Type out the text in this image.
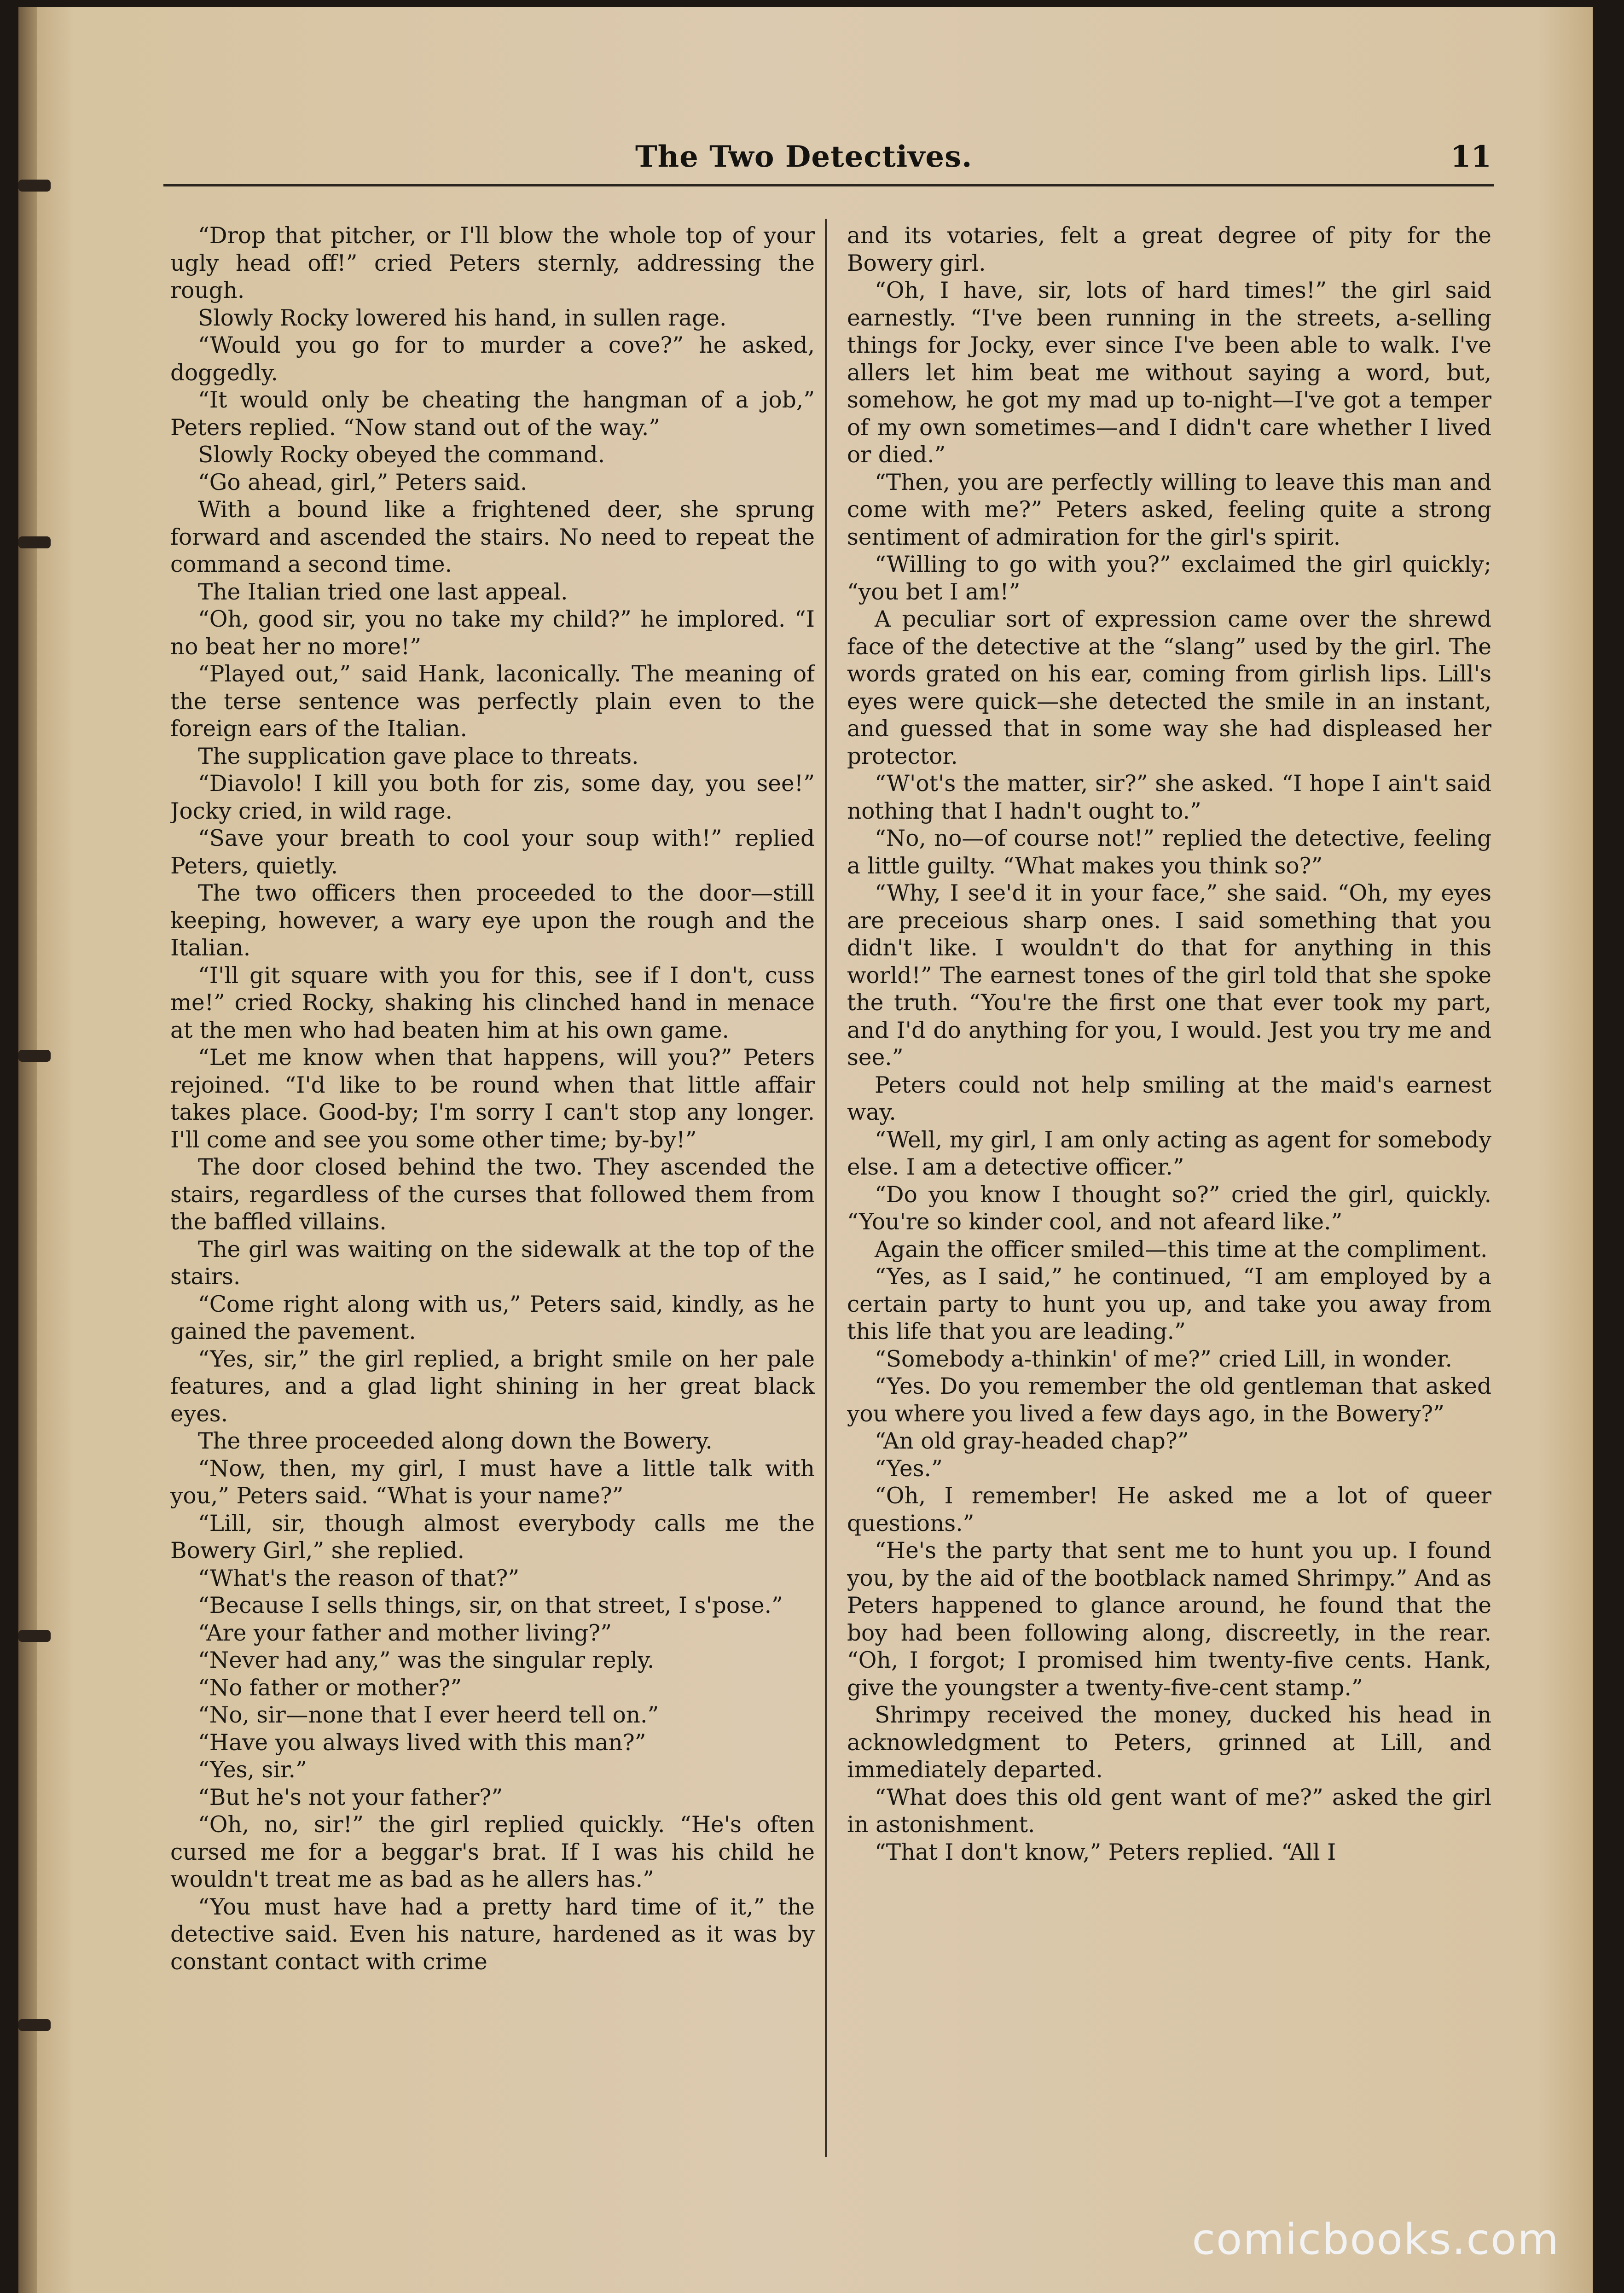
The Two Detectives.	11

“Drop that pitcher, or I'll blow the whole top of your ugly head off!” cried Peters sternly, addressing the rough.

Slowly Rocky lowered his hand, in sullen rage.

“Would you go for to murder a cove?” he asked, doggedly.

“It would only be cheating the hangman of a job,” Peters replied. “Now stand out of the way.”

Slowly Rocky obeyed the command.

“Go ahead, girl,” Peters said.

With a bound like a frightened deer, she sprung forward and ascended the stairs. No need to repeat the command a second time.

The Italian tried one last appeal.

“Oh, good sir, you no take my child?” he implored. “I no beat her no more!”

“Played out,” said Hank, laconically. The meaning of the terse sentence was perfectly plain even to the foreign ears of the Italian.

The supplication gave place to threats.

“Diavolo! I kill you both for zis, some day, you see!” Jocky cried, in wild rage.

“Save your breath to cool your soup with!” replied Peters, quietly.

The two officers then proceeded to the door—still keeping, however, a wary eye upon the rough and the Italian.

“I'll git square with you for this, see if I don't, cuss me!” cried Rocky, shaking his clinched hand in menace at the men who had beaten him at his own game.

“Let me know when that happens, will you?” Peters rejoined. “I'd like to be round when that little affair takes place. Good-by; I'm sorry I can't stop any longer. I'll come and see you some other time; by-by!”

The door closed behind the two. They ascended the stairs, regardless of the curses that followed them from the baffled villains.

The girl was waiting on the sidewalk at the top of the stairs.

“Come right along with us,” Peters said, kindly, as he gained the pavement.

“Yes, sir,” the girl replied, a bright smile on her pale features, and a glad light shining in her great black eyes.

The three proceeded along down the Bowery.

“Now, then, my girl, I must have a little talk with you,” Peters said. “What is your name?”

“Lill, sir, though almost everybody calls me the Bowery Girl,” she replied.

“What's the reason of that?”

“Because I sells things, sir, on that street, I s'pose.”

“Are your father and mother living?”

“Never had any,” was the singular reply.

“No father or mother?”

“No, sir—none that I ever heerd tell on.”

“Have you always lived with this man?”

“Yes, sir.”

“But he's not your father?”

“Oh, no, sir!” the girl replied quickly. “He's often cursed me for a beggar's brat. If I was his child he wouldn't treat me as bad as he allers has.”

“You must have had a pretty hard time of it,” the detective said. Even his nature, hardened as it was by constant contact with crime

and its votaries, felt a great degree of pity for the Bowery girl.

“Oh, I have, sir, lots of hard times!” the girl said earnestly. “I've been running in the streets, a-selling things for Jocky, ever since I've been able to walk. I've allers let him beat me without saying a word, but, somehow, he got my mad up to-night—I've got a temper of my own sometimes—and I didn't care whether I lived or died.”

“Then, you are perfectly willing to leave this man and come with me?” Peters asked, feeling quite a strong sentiment of admiration for the girl's spirit.

“Willing to go with you?” exclaimed the girl quickly; “you bet I am!”

A peculiar sort of expression came over the shrewd face of the detective at the “slang” used by the girl. The words grated on his ear, coming from girlish lips. Lill's eyes were quick—she detected the smile in an instant, and guessed that in some way she had displeased her protector.

“W'ot's the matter, sir?” she asked. “I hope I ain't said nothing that I hadn't ought to.”

“No, no—of course not!” replied the detective, feeling a little guilty. “What makes you think so?”

“Why, I see'd it in your face,” she said. “Oh, my eyes are preceious sharp ones. I said something that you didn't like. I wouldn't do that for anything in this world!” The earnest tones of the girl told that she spoke the truth. “You're the first one that ever took my part, and I'd do anything for you, I would. Jest you try me and see.”

Peters could not help smiling at the maid's earnest way.

“Well, my girl, I am only acting as agent for somebody else. I am a detective officer.”

“Do you know I thought so?” cried the girl, quickly. “You're so kinder cool, and not afeard like.”

Again the officer smiled—this time at the compliment.

“Yes, as I said,” he continued, “I am employed by a certain party to hunt you up, and take you away from this life that you are leading.”

“Somebody a-thinkin' of me?” cried Lill, in wonder.

“Yes. Do you remember the old gentleman that asked you where you lived a few days ago, in the Bowery?”

“An old gray-headed chap?”

“Yes.”

“Oh, I remember! He asked me a lot of queer questions.”

“He's the party that sent me to hunt you up. I found you, by the aid of the bootblack named Shrimpy.” And as Peters happened to glance around, he found that the boy had been following along, discreetly, in the rear. “Oh, I forgot; I promised him twenty-five cents. Hank, give the youngster a twenty-five-cent stamp.”

Shrimpy received the money, ducked his head in acknowledgment to Peters, grinned at Lill, and immediately departed.

“What does this old gent want of me?” asked the girl in astonishment.

“That I don't know,” Peters replied. “All I

comicbooks.com
